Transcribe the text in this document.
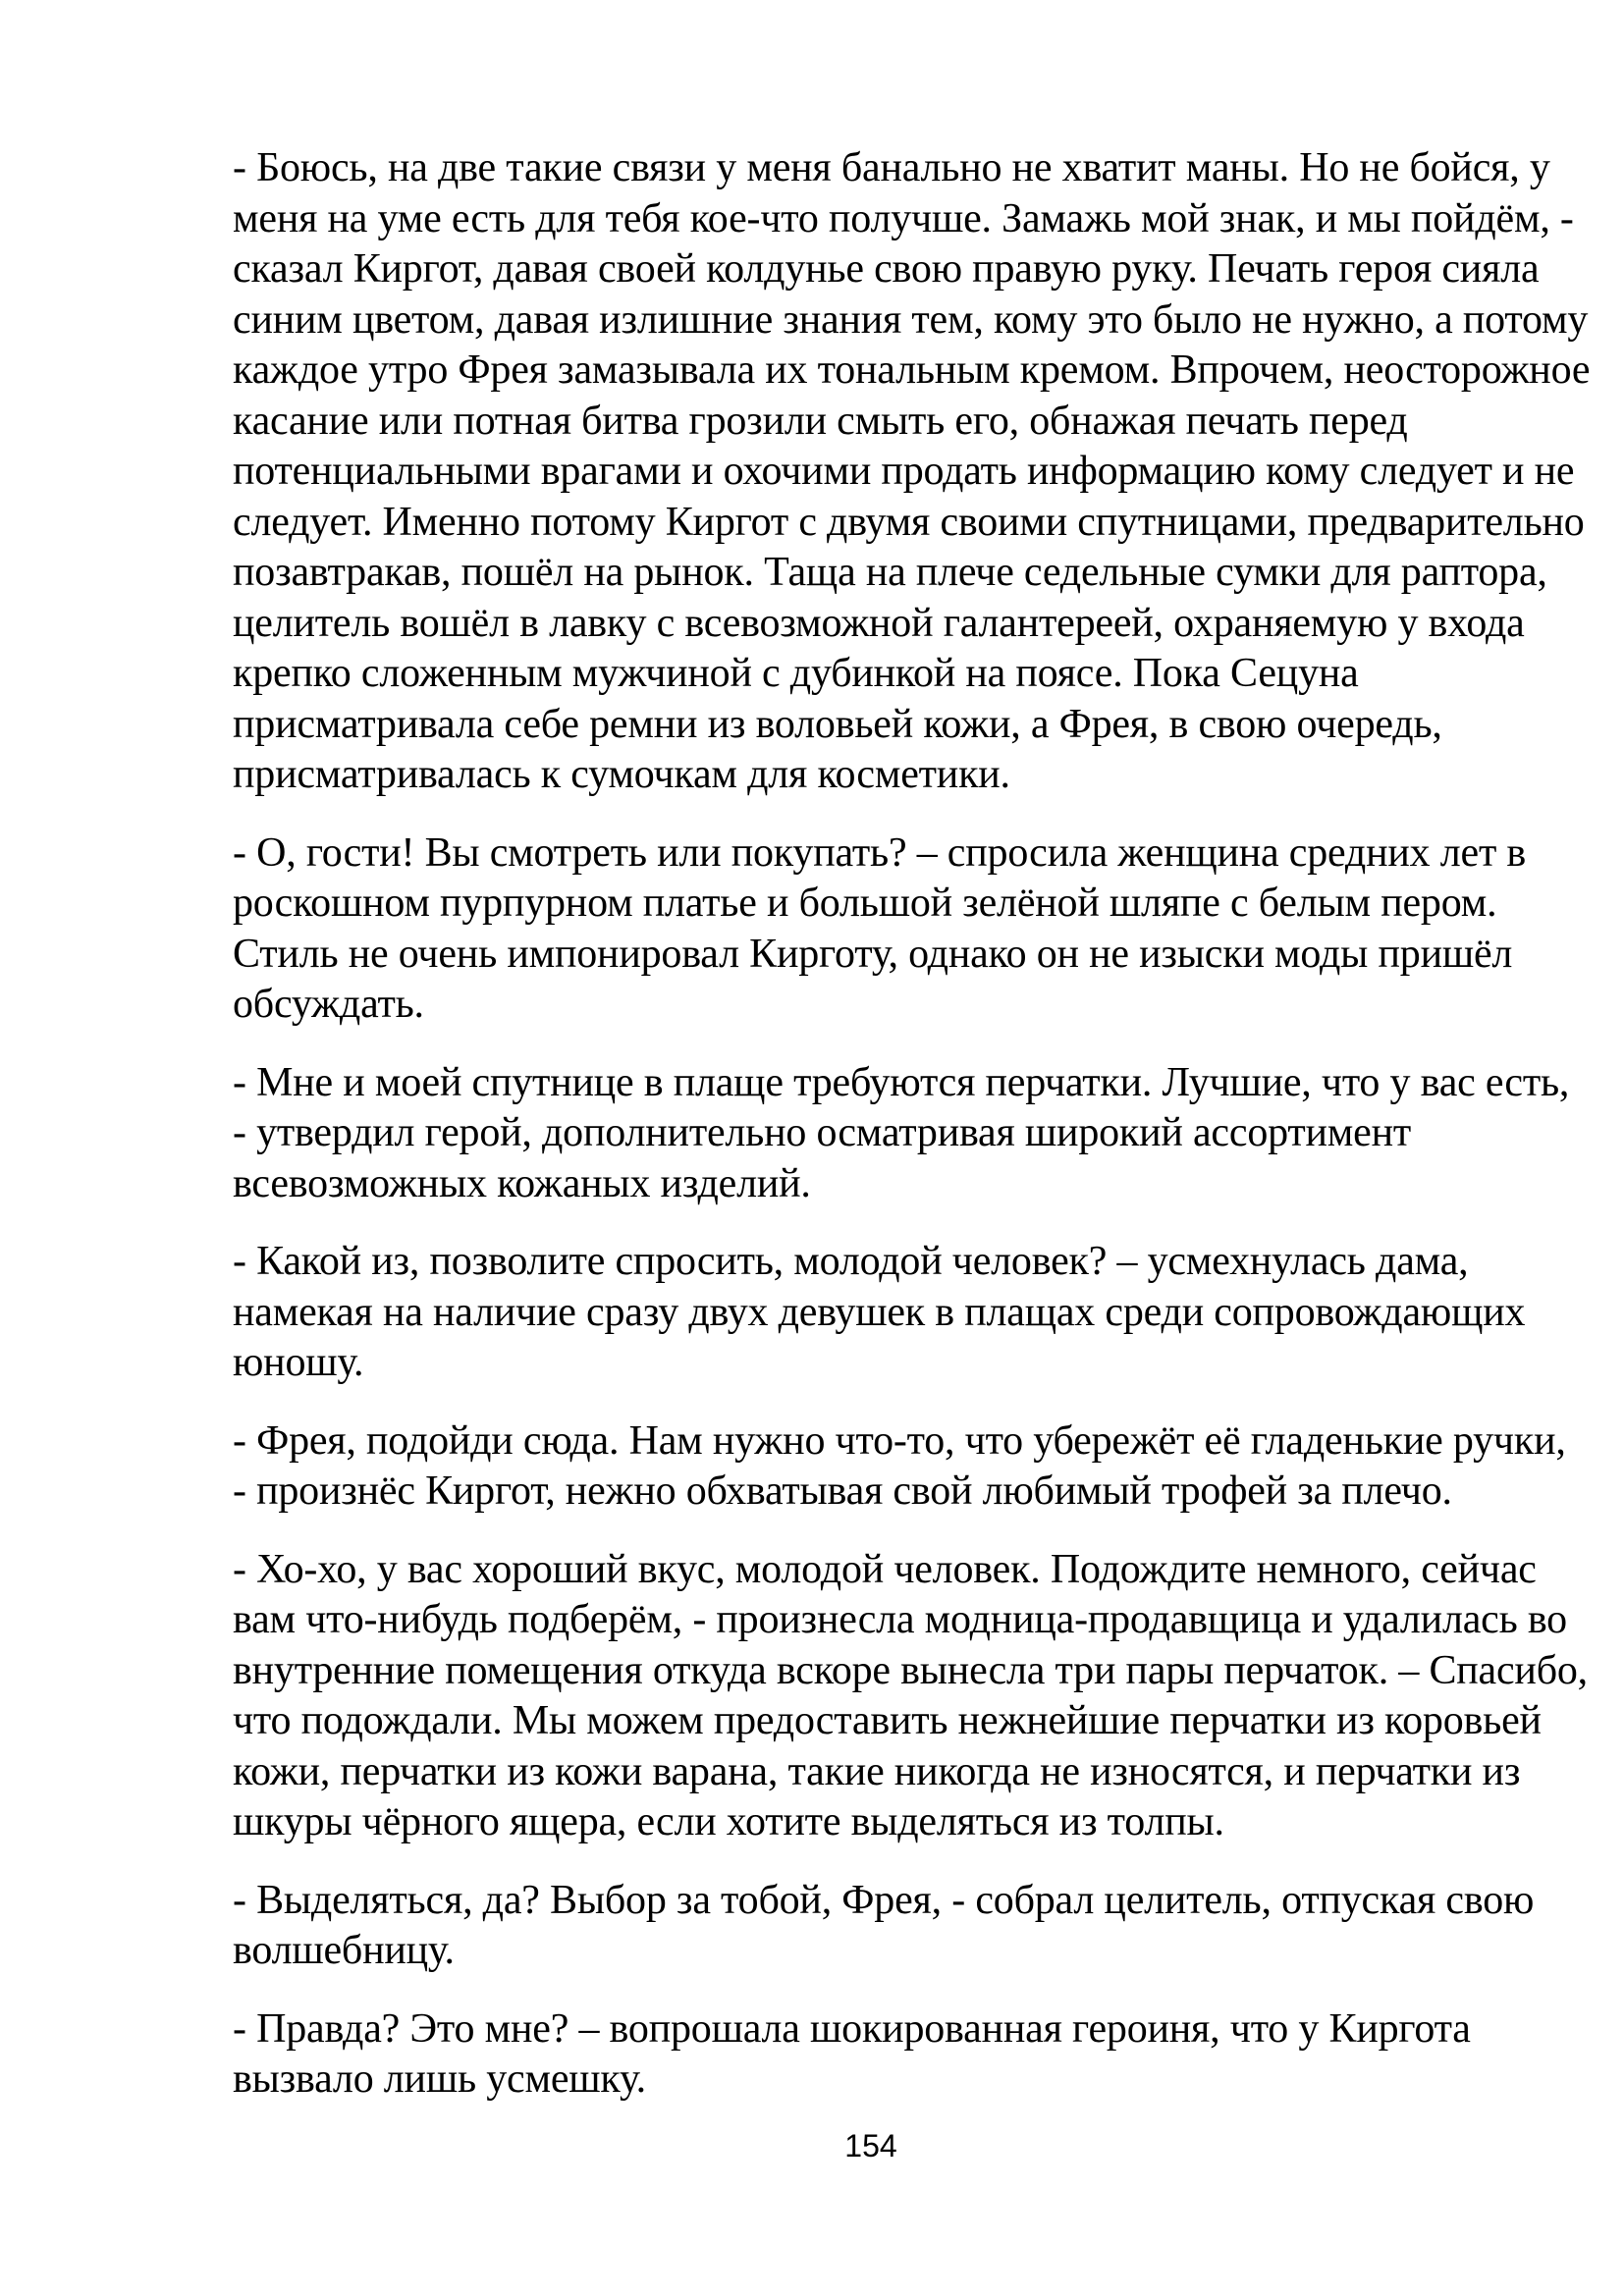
- Боюсь, на две такие связи у меня банально не хватит маны. Но не бойся, у
меня на уме есть для тебя кое-что получше. Замажь мой знак, и мы пойдём, -
сказал Киргот, давая своей колдунье свою правую руку. Печать героя сияла
синим цветом, давая излишние знания тем, кому это было не нужно, а потому
каждое утро Фрея замазывала их тональным кремом. Впрочем, неосторожное
касание или потная битва грозили смыть его, обнажая печать перед
потенциальными врагами и охочими продать информацию кому следует и не
следует. Именно потому Киргот с двумя своими спутницами, предварительно
позавтракав, пошёл на рынок. Таща на плече седельные сумки для раптора,
целитель вошёл в лавку с всевозможной галантереей, охраняемую у входа
крепко сложенным мужчиной с дубинкой на поясе. Пока Сецуна
присматривала себе ремни из воловьей кожи, а Фрея, в свою очередь,
присматривалась к сумочкам для косметики.
- О, гости! Вы смотреть или покупать? – спросила женщина средних лет в
роскошном пурпурном платье и большой зелёной шляпе с белым пером.
Стиль не очень импонировал Кирготу, однако он не изыски моды пришёл
обсуждать.
- Мне и моей спутнице в плаще требуются перчатки. Лучшие, что у вас есть,
- утвердил герой, дополнительно осматривая широкий ассортимент
всевозможных кожаных изделий.
- Какой из, позволите спросить, молодой человек? – усмехнулась дама,
намекая на наличие сразу двух девушек в плащах среди сопровождающих
юношу.
- Фрея, подойди сюда. Нам нужно что-то, что убережёт её гладенькие ручки,
- произнёс Киргот, нежно обхватывая свой любимый трофей за плечо.
- Хо-хо, у вас хороший вкус, молодой человек. Подождите немного, сейчас
вам что-нибудь подберём, - произнесла модница-продавщица и удалилась во
внутренние помещения откуда вскоре вынесла три пары перчаток. – Спасибо,
что подождали. Мы можем предоставить нежнейшие перчатки из коровьей
кожи, перчатки из кожи варана, такие никогда не износятся, и перчатки из
шкуры чёрного ящера, если хотите выделяться из толпы.
- Выделяться, да? Выбор за тобой, Фрея, - собрал целитель, отпуская свою
волшебницу.
- Правда? Это мне? – вопрошала шокированная героиня, что у Киргота
вызвало лишь усмешку.
154
